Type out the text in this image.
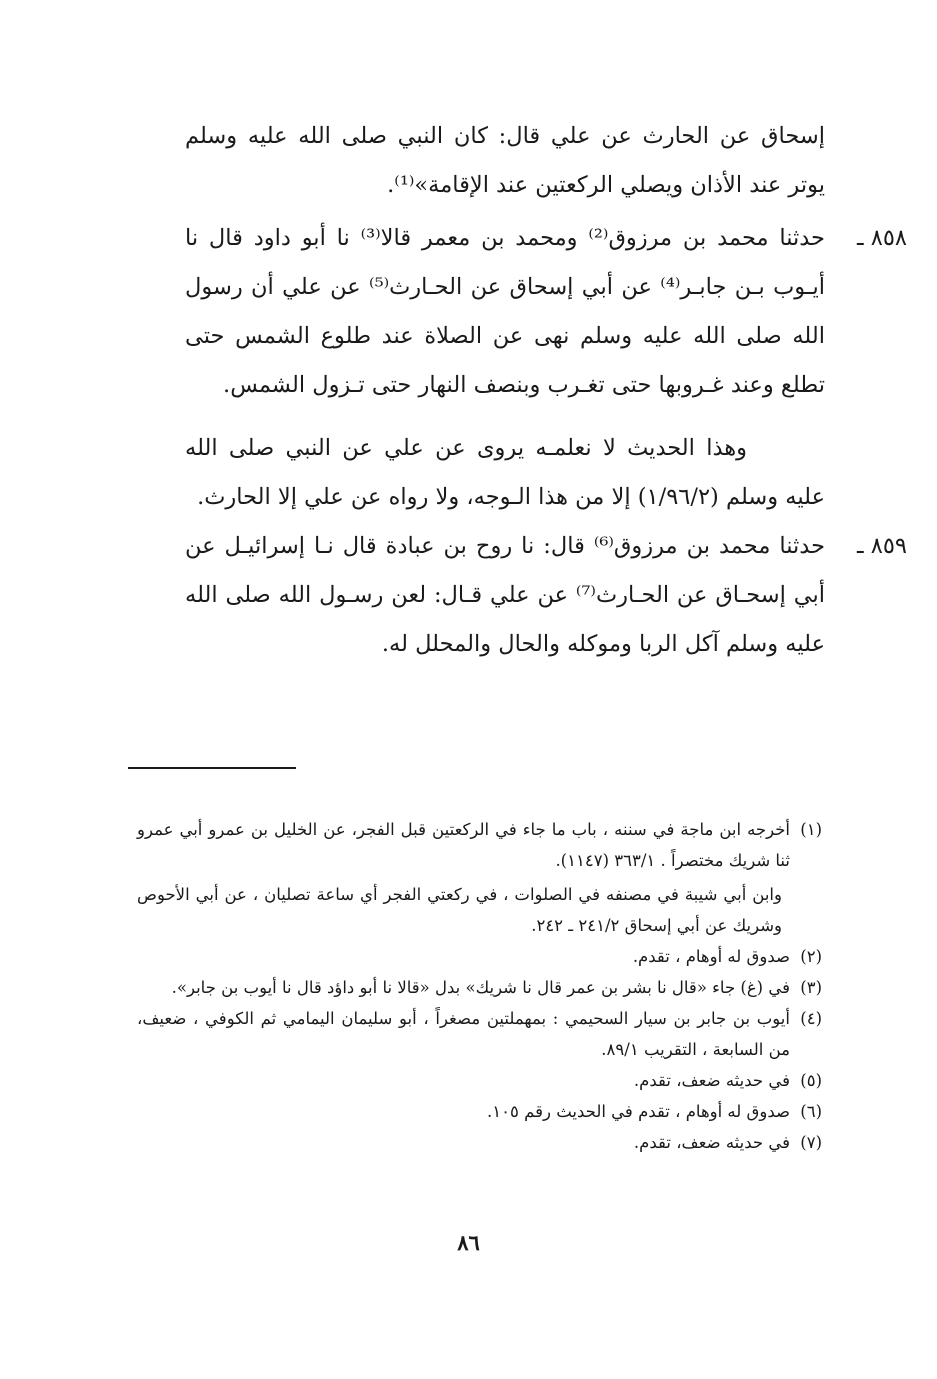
إسحاق عن الحارث عن علي قال: كان النبي صلى الله عليه وسلم يوتر عند الأذان ويصلي الركعتين عند الإقامة»⁽¹⁾.

٨٥٨ ـ
حدثنا محمد بن مرزوق⁽²⁾ ومحمد بن معمر قالا⁽³⁾ نا أبو داود قال نا أيـوب بـن جابـر⁽⁴⁾ عن أبي إسحاق عن الحـارث⁽⁵⁾ عن علي أن رسول الله صلى الله عليه وسلم نهى عن الصلاة عند طلوع الشمس حتى تطلع وعند غـروبها حتى تغـرب وبنصف النهار حتى تـزول الشمس.

وهذا الحديث لا نعلمـه يروى عن علي عن النبي صلى الله عليه وسلم (١/٩٦/٢) إلا من هذا الـوجه، ولا رواه عن علي إلا الحارث.

٨٥٩ ـ
حدثنا محمد بن مرزوق⁽⁶⁾ قال: نا روح بن عبادة قال نـا إسرائيـل عن أبي إسحـاق عن الحـارث⁽⁷⁾ عن علي قـال: لعن رسـول الله صلى الله عليه وسلم آكل الربا وموكله والحال والمحلل له.

(١)
أخرجه ابن ماجة في سننه ، باب ما جاء في الركعتين قبل الفجر، عن الخليل بن عمرو أبي عمرو ثنا شريك مختصراً . ٣٦٣/١ (١١٤٧).

وابن أبي شيبة في مصنفه في الصلوات ، في ركعتي الفجر أي ساعة تصليان ، عن أبي الأحوص وشريك عن أبي إسحاق ٢٤١/٢ ـ ٢٤٢.

(٢)
صدوق له أوهام ، تقدم.

(٣)
في (غ) جاء «قال نا بشر بن عمر قال نا شريك» بدل «قالا نا أبو داؤد قال نا أيوب بن جابر».

(٤)
أيوب بن جابر بن سيار السحيمي : بمهملتين مصغراً ، أبو سليمان اليمامي ثم الكوفي ، ضعيف، من السابعة ، التقريب ٨٩/١.

(٥)
في حديثه ضعف، تقدم.

(٦)
صدوق له أوهام ، تقدم في الحديث رقم ١٠٥.

(٧)
في حديثه ضعف، تقدم.

٨٦
